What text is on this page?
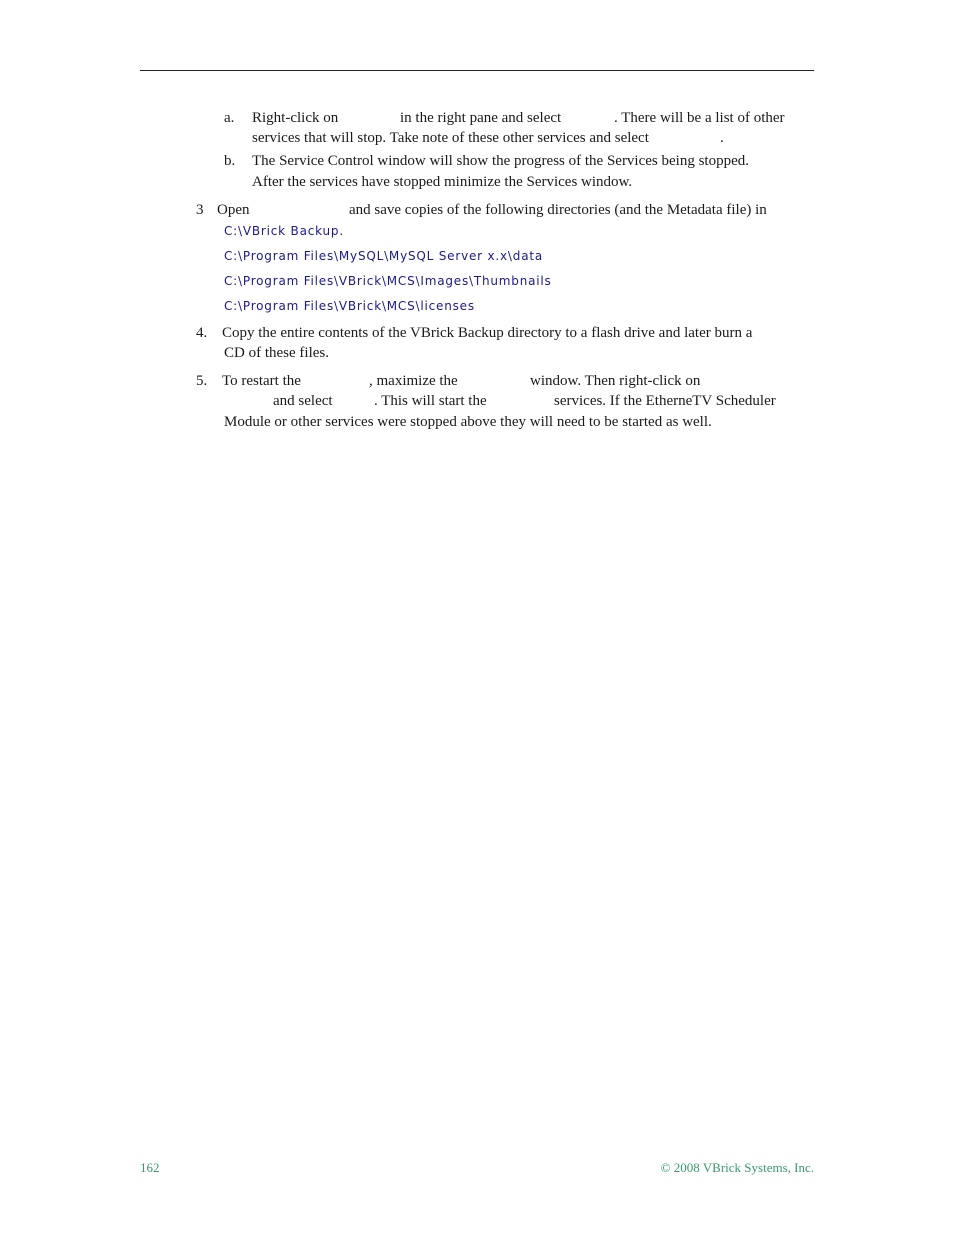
a. Right-click on	in the right pane and select	. There will be a list of other
services that will stop. Take note of these other services and select	.
b. The Service Control window will show the progress of the Services being stopped.
After the services have stopped minimize the Services window.
3 Open	and save copies of the following directories (and the Metadata file) in
C:\VBrick Backup.
C:\Program Files\MySQL\MySQL Server x.x\data
C:\Program Files\VBrick\MCS\Images\Thumbnails
C:\Program Files\VBrick\MCS\licenses
4. Copy the entire contents of the VBrick Backup directory to a flash drive and later burn a
CD of these files.
5. To restart the	, maximize the	window. Then right-click on
and select	. This will start the	services. If the EtherneTV Scheduler
Module or other services were stopped above they will need to be started as well.
162	© 2008 VBrick Systems, Inc.
